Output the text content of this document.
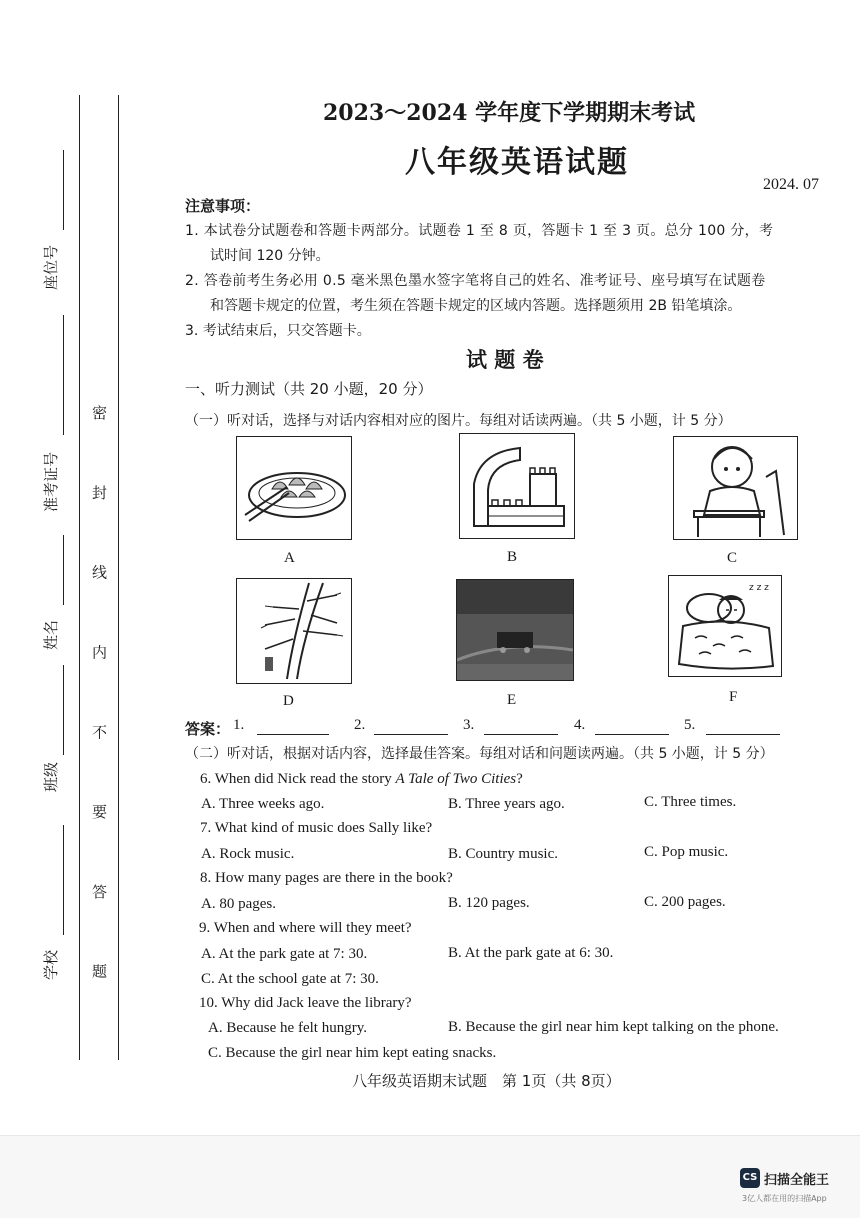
座位号
准考证号
姓名
班级
学校 密 封 线 内 不 要 答 题
2023～2024 学年度下学期期末考试
八年级英语试题
2024. 07
注意事项：
1. 本试卷分试题卷和答题卡两部分。试题卷 1 至 8 页，答题卡 1 至 3 页。总分 100 分，考
试时间 120 分钟。
2. 答卷前考生务必用 0.5 毫米黑色墨水签字笔将自己的姓名、准考证号、座号填写在试题卷
和答题卡规定的位置，考生须在答题卡规定的区域内答题。选择题须用 2B 铅笔填涂。
3. 考试结束后，只交答题卡。
试 题 卷
一、听力测试（共 20 小题，20 分）
（一）听对话，选择与对话内容相对应的图片。每组对话读两遍。（共 5 小题，计 5 分）
A	B	C
D	E
z z z
F
答案： 1.	2.	3.	4.	5.
（二）听对话，根据对话内容，选择最佳答案。每组对话和问题读两遍。（共 5 小题，计 5 分）
6. When did Nick read the story A Tale of Two Cities?
A. Three weeks ago.	B. Three years ago.	C. Three times.
7. What kind of music does Sally like?
A. Rock music.	B. Country music.	C. Pop music.
8. How many pages are there in the book?
A. 80 pages.	B. 120 pages.	C. 200 pages.
9. When and where will they meet?
A. At the park gate at 7: 30.	B. At the park gate at 6: 30.
C. At the school gate at 7: 30.
10. Why did Jack leave the library?
A. Because he felt hungry.	B. Because the girl near him kept talking on the phone.
C. Because the girl near him kept eating snacks.
八年级英语期末试题　第 1页（共 8页）
CS 扫描全能王
3亿人都在用的扫描App
